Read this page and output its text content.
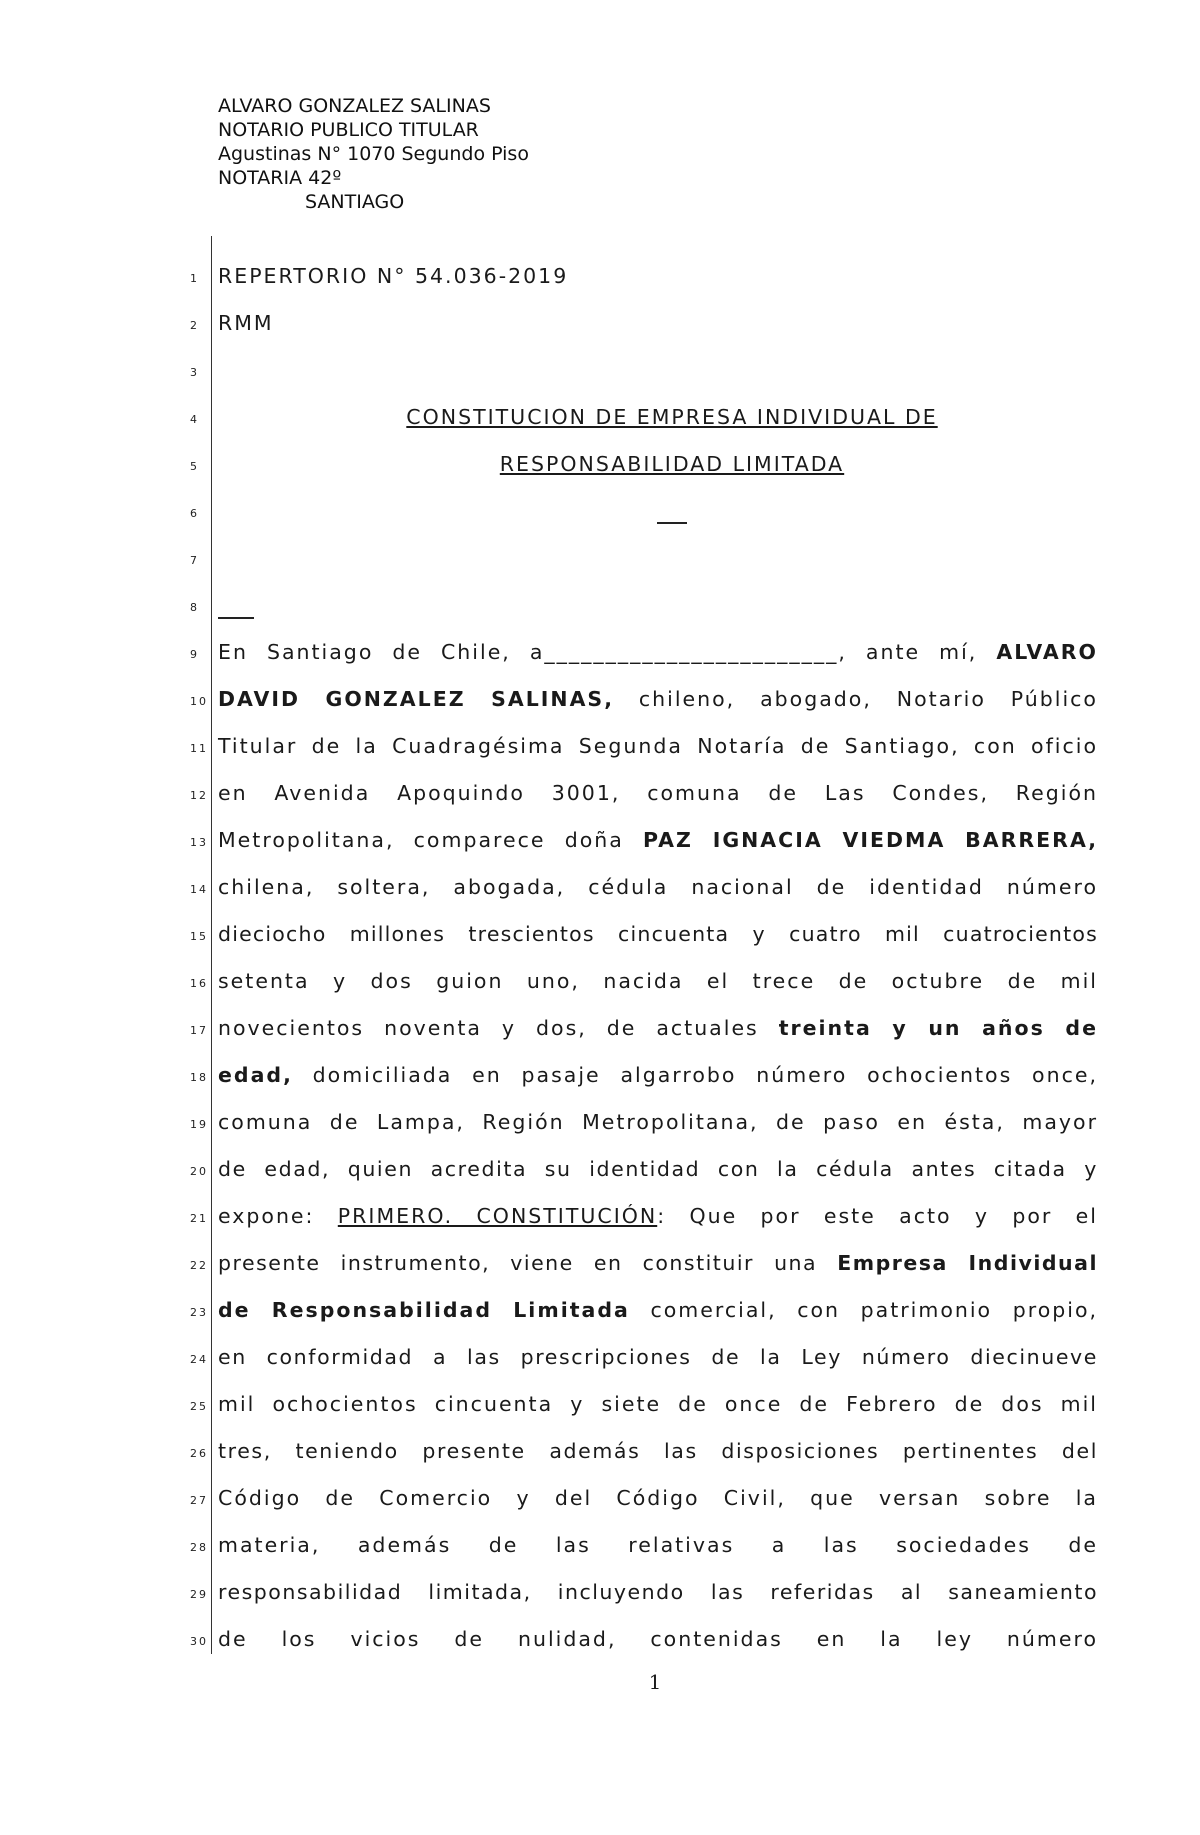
ALVARO GONZALEZ SALINAS
NOTARIO PUBLICO TITULAR
Agustinas N° 1070 Segundo Piso
NOTARIA 42º
SANTIAGO
1 REPERTORIO N° 54.036-2019
2 RMM
3
4	CONSTITUCION DE EMPRESA INDIVIDUAL DE
5	RESPONSABILIDAD LIMITADA
6
7
8
9 En Santiago de Chile, a________________________, ante mí, ALVARO
10 DAVID GONZALEZ SALINAS, chileno, abogado, Notario Público
11 Titular de la Cuadragésima Segunda Notaría de Santiago, con oficio
12 en Avenida Apoquindo 3001, comuna de Las Condes, Región
13 Metropolitana, comparece doña PAZ IGNACIA VIEDMA BARRERA,
14 chilena, soltera, abogada, cédula nacional de identidad número
15 dieciocho millones trescientos cincuenta y cuatro mil cuatrocientos
16 setenta y dos guion uno, nacida el trece de octubre de mil
17 novecientos noventa y dos, de actuales treinta y un años de
18 edad, domiciliada en pasaje algarrobo número ochocientos once,
19 comuna de Lampa, Región Metropolitana, de paso en ésta, mayor
20 de edad, quien acredita su identidad con la cédula antes citada y
21 expone: PRIMERO. CONSTITUCIÓN: Que por este acto y por el
22 presente instrumento, viene en constituir una Empresa Individual
23 de Responsabilidad Limitada comercial, con patrimonio propio,
24 en conformidad a las prescripciones de la Ley número diecinueve
25 mil ochocientos cincuenta y siete de once de Febrero de dos mil
26 tres, teniendo presente además las disposiciones pertinentes del
27 Código de Comercio y del Código Civil, que versan sobre la
28 materia, además de las relativas a las sociedades de
29 responsabilidad limitada, incluyendo las referidas al saneamiento
30 de los vicios de nulidad, contenidas en la ley número
1
